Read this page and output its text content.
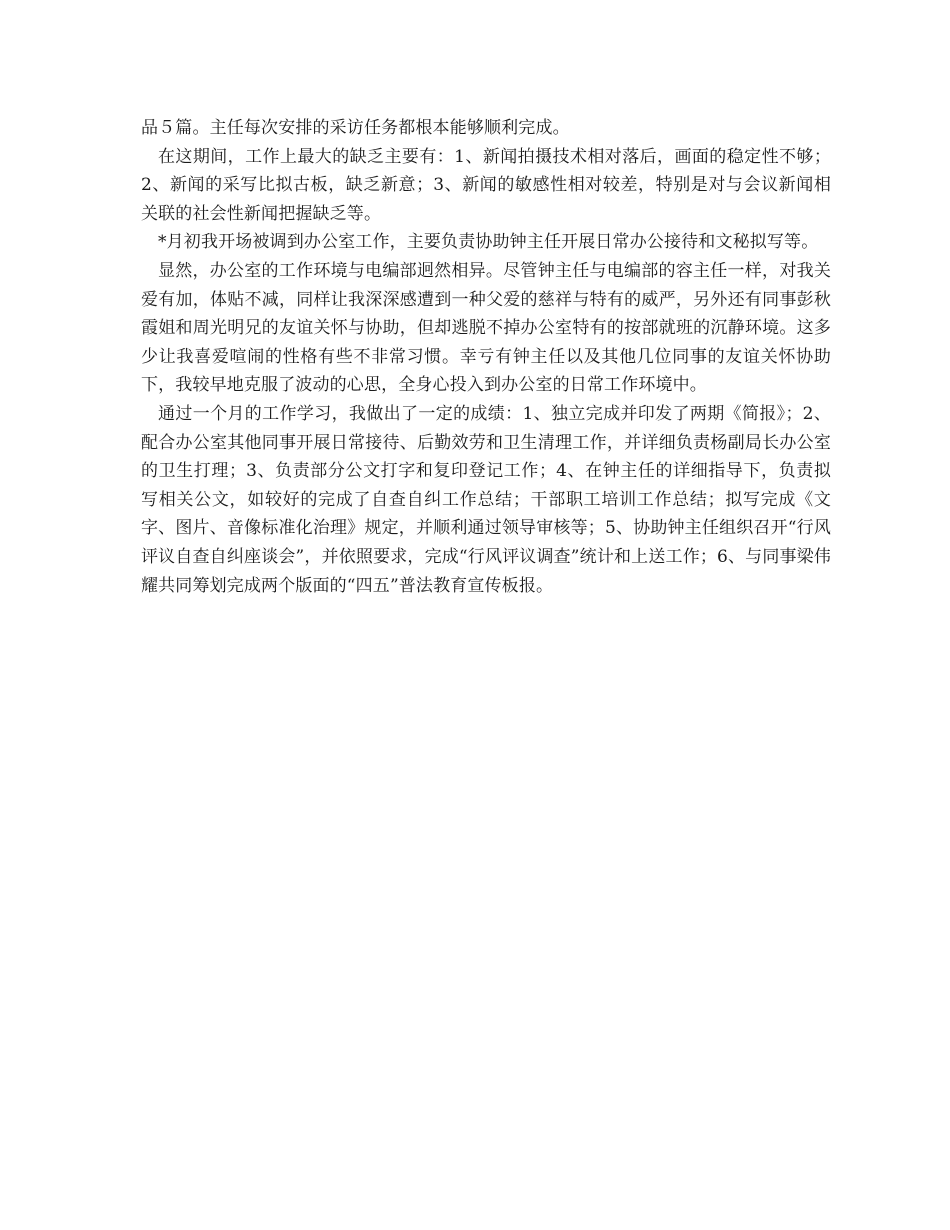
品５篇。主任每次安排的采访任务都根本能够顺利完成。

在这期间，工作上最大的缺乏主要有：1、新闻拍摄技术相对落后，画面的稳定性不够；2、新闻的采写比拟古板，缺乏新意；3、新闻的敏感性相对较差，特别是对与会议新闻相关联的社会性新闻把握缺乏等。

*月初我开场被调到办公室工作，主要负责协助钟主任开展日常办公接待和文秘拟写等。

显然，办公室的工作环境与电编部迥然相异。尽管钟主任与电编部的容主任一样，对我关爱有加，体贴不减，同样让我深深感遭到一种父爱的慈祥与特有的威严，另外还有同事彭秋霞姐和周光明兄的友谊关怀与协助，但却逃脱不掉办公室特有的按部就班的沉静环境。这多少让我喜爱喧闹的性格有些不非常习惯。幸亏有钟主任以及其他几位同事的友谊关怀协助下，我较早地克服了波动的心思，全身心投入到办公室的日常工作环境中。

通过一个月的工作学习，我做出了一定的成绩：1、独立完成并印发了两期《简报》；2、配合办公室其他同事开展日常接待、后勤效劳和卫生清理工作，并详细负责杨副局长办公室的卫生打理；3、负责部分公文打字和复印登记工作；4、在钟主任的详细指导下，负责拟写相关公文，如较好的完成了自查自纠工作总结；干部职工培训工作总结；拟写完成《文字、图片、音像标准化治理》规定，并顺利通过领导审核等；5、协助钟主任组织召开“行风评议自查自纠座谈会”，并依照要求，完成“行风评议调查”统计和上送工作；6、与同事梁伟耀共同筹划完成两个版面的“四五”普法教育宣传板报。
